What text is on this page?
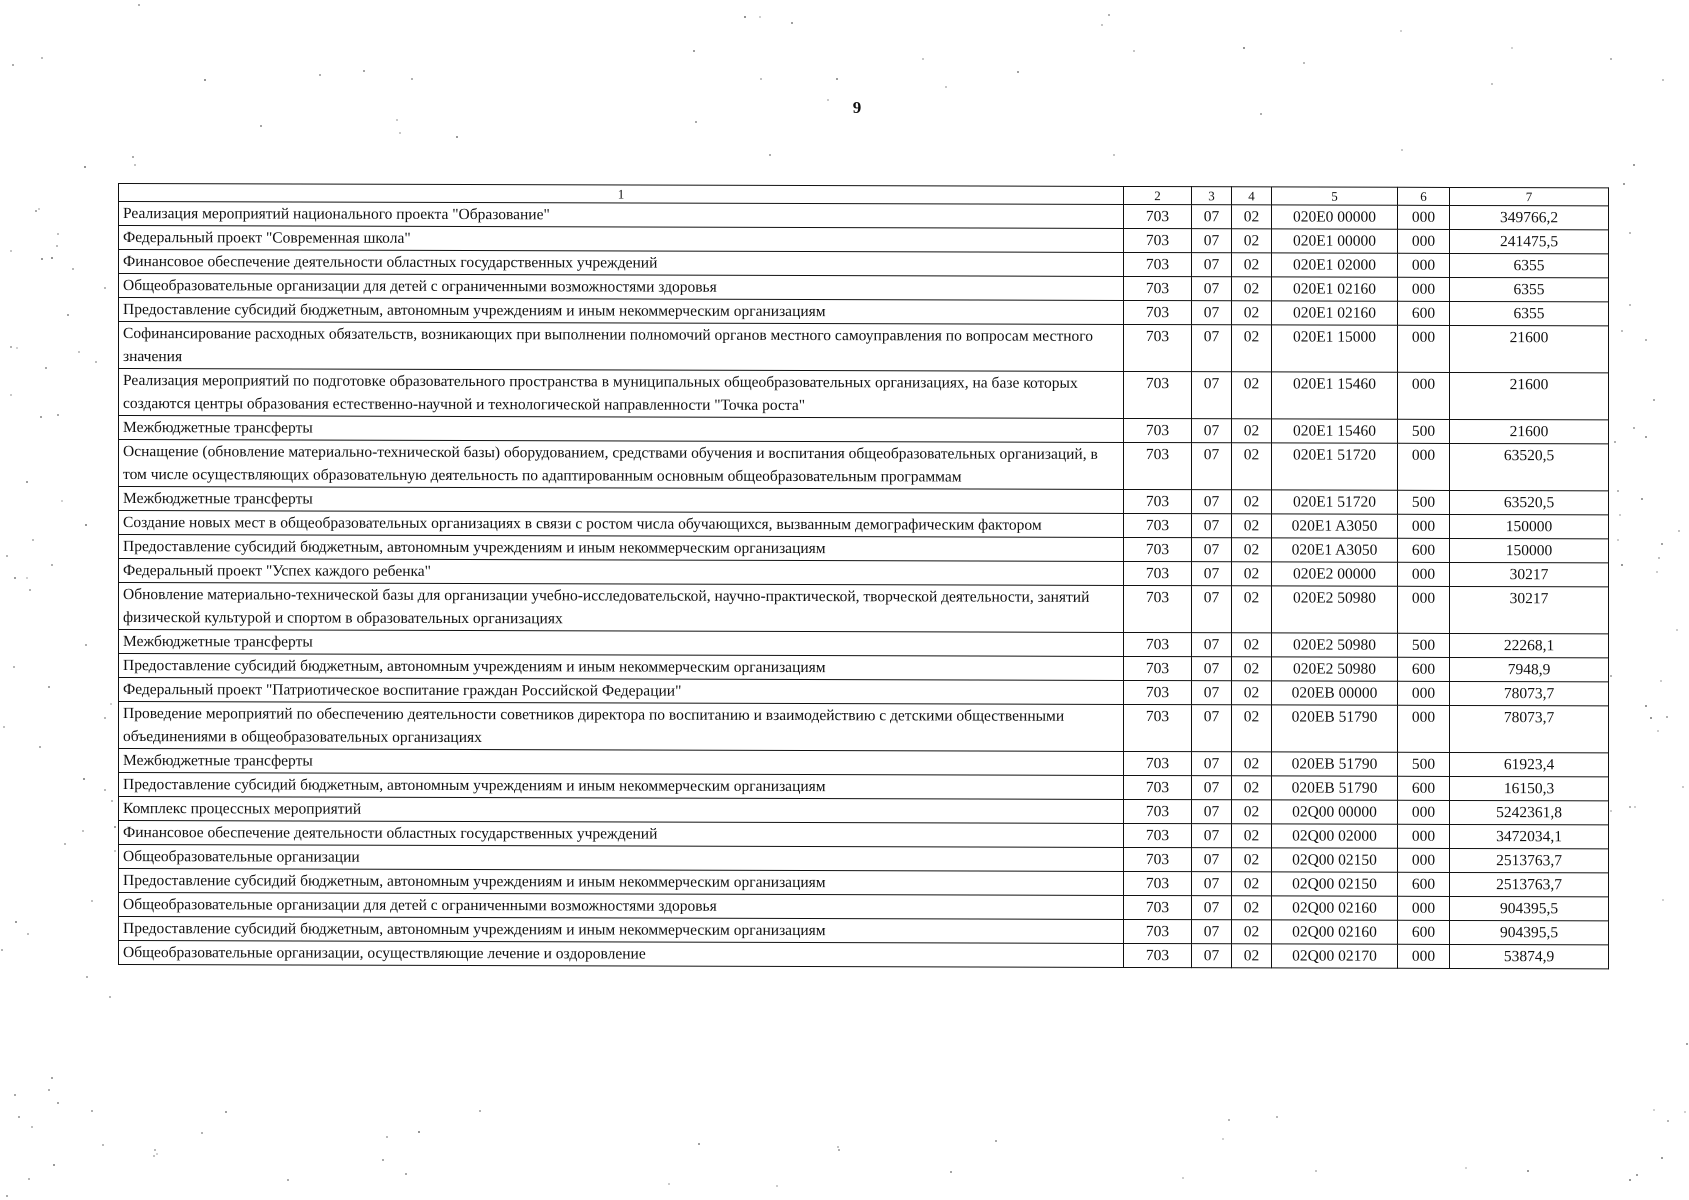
9
1	2	3	4	5	6	7
Реализация мероприятий национального проекта "Образование"	703	07	02	020E0 00000	000	349766,2
Федеральный проект "Современная школа"	703	07	02	020E1 00000	000	241475,5
Финансовое обеспечение деятельности областных государственных учреждений	703	07	02	020E1 02000	000	6355
Общеобразовательные организации для детей с ограниченными возможностями здоровья	703	07	02	020E1 02160	000	6355
Предоставление субсидий бюджетным, автономным учреждениям и иным некоммерческим организациям	703	07	02	020E1 02160	600	6355
Софинансирование расходных обязательств, возникающих при выполнении полномочий органов местного самоуправления по вопросам местного значения	703	07	02	020E1 15000	000	21600
Реализация мероприятий по подготовке образовательного пространства в муниципальных общеобразовательных организациях, на базе которых создаются центры образования естественно-научной и технологической направленности "Точка роста"	703	07	02	020E1 15460	000	21600
Межбюджетные трансферты	703	07	02	020E1 15460	500	21600
Оснащение (обновление материально-технической базы) оборудованием, средствами обучения и воспитания общеобразовательных организаций, в том числе осуществляющих образовательную деятельность по адаптированным основным общеобразовательным программам	703	07	02	020E1 51720	000	63520,5
Межбюджетные трансферты	703	07	02	020E1 51720	500	63520,5
Создание новых мест в общеобразовательных организациях в связи с ростом числа обучающихся, вызванным демографическим фактором	703	07	02	020E1 A3050	000	150000
Предоставление субсидий бюджетным, автономным учреждениям и иным некоммерческим организациям	703	07	02	020E1 A3050	600	150000
Федеральный проект "Успех каждого ребенка"	703	07	02	020E2 00000	000	30217
Обновление материально-технической базы для организации учебно-исследовательской, научно-практической, творческой деятельности, занятий физической культурой и спортом в образовательных организациях	703	07	02	020E2 50980	000	30217
Межбюджетные трансферты	703	07	02	020E2 50980	500	22268,1
Предоставление субсидий бюджетным, автономным учреждениям и иным некоммерческим организациям	703	07	02	020E2 50980	600	7948,9
Федеральный проект "Патриотическое воспитание граждан Российской Федерации"	703	07	02	020EB 00000	000	78073,7
Проведение мероприятий по обеспечению деятельности советников директора по воспитанию и взаимодействию с детскими общественными объединениями в общеобразовательных организациях	703	07	02	020EB 51790	000	78073,7
Межбюджетные трансферты	703	07	02	020EB 51790	500	61923,4
Предоставление субсидий бюджетным, автономным учреждениям и иным некоммерческим организациям	703	07	02	020EB 51790	600	16150,3
Комплекс процессных мероприятий	703	07	02	02Q00 00000	000	5242361,8
Финансовое обеспечение деятельности областных государственных учреждений	703	07	02	02Q00 02000	000	3472034,1
Общеобразовательные организации	703	07	02	02Q00 02150	000	2513763,7
Предоставление субсидий бюджетным, автономным учреждениям и иным некоммерческим организациям	703	07	02	02Q00 02150	600	2513763,7
Общеобразовательные организации для детей с ограниченными возможностями здоровья	703	07	02	02Q00 02160	000	904395,5
Предоставление субсидий бюджетным, автономным учреждениям и иным некоммерческим организациям	703	07	02	02Q00 02160	600	904395,5
Общеобразовательные организации, осуществляющие лечение и оздоровление	703	07	02	02Q00 02170	000	53874,9
